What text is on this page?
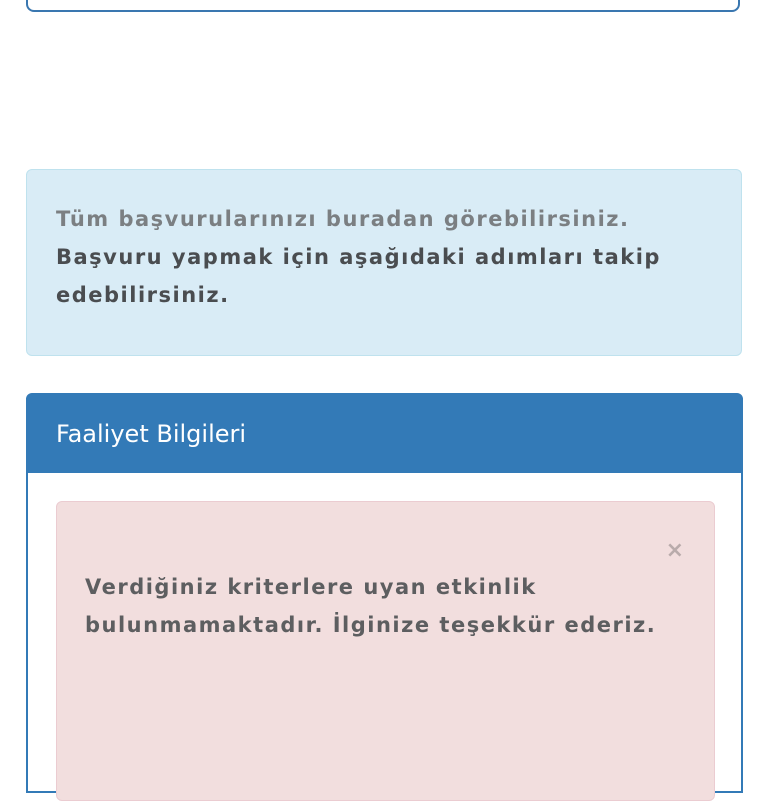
Tüm başvurularınızı buradan görebilirsiniz.
Başvuru yapmak için aşağıdaki adımları takip
edebilirsiniz.
Faaliyet Bilgileri
×
Verdiğiniz kriterlere uyan etkinlik
bulunmamaktadır. İlginize teşekkür ederiz.
